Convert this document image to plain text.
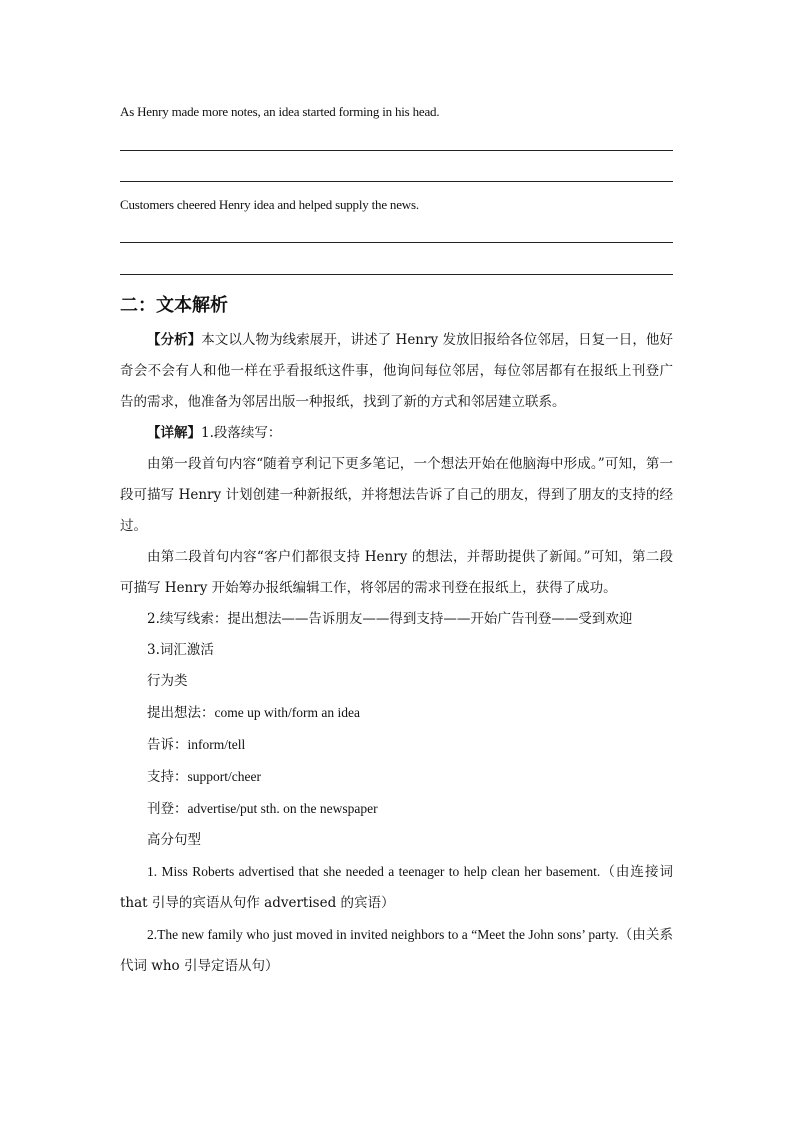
As Henry made more notes, an idea started forming in his head.
Customers cheered Henry idea and helped supply the news.
二：文本解析

【分析】本文以人物为线索展开，讲述了 Henry 发放旧报给各位邻居，日复一日，他好奇会不会有人和他一样在乎看报纸这件事，他询问每位邻居，每位邻居都有在报纸上刊登广告的需求，他准备为邻居出版一种报纸，找到了新的方式和邻居建立联系。

【详解】1.段落续写：

由第一段首句内容“随着亨利记下更多笔记，一个想法开始在他脑海中形成。”可知，第一段可描写 Henry 计划创建一种新报纸，并将想法告诉了自己的朋友，得到了朋友的支持的经过。

由第二段首句内容“客户们都很支持 Henry 的想法，并帮助提供了新闻。”可知，第二段可描写 Henry 开始筹办报纸编辑工作，将邻居的需求刊登在报纸上，获得了成功。

2.续写线索：提出想法——告诉朋友——得到支持——开始广告刊登——受到欢迎

3.词汇激活

行为类

提出想法：come up with/form an idea

告诉：inform/tell

支持：support/cheer

刊登：advertise/put sth. on the newspaper

高分句型

1. Miss Roberts advertised that she needed a teenager to help clean her basement.（由连接词 that 引导的宾语从句作 advertised 的宾语）

2.The new family who just moved in invited neighbors to a “Meet the John sons’ party.（由关系代词 who 引导定语从句）
